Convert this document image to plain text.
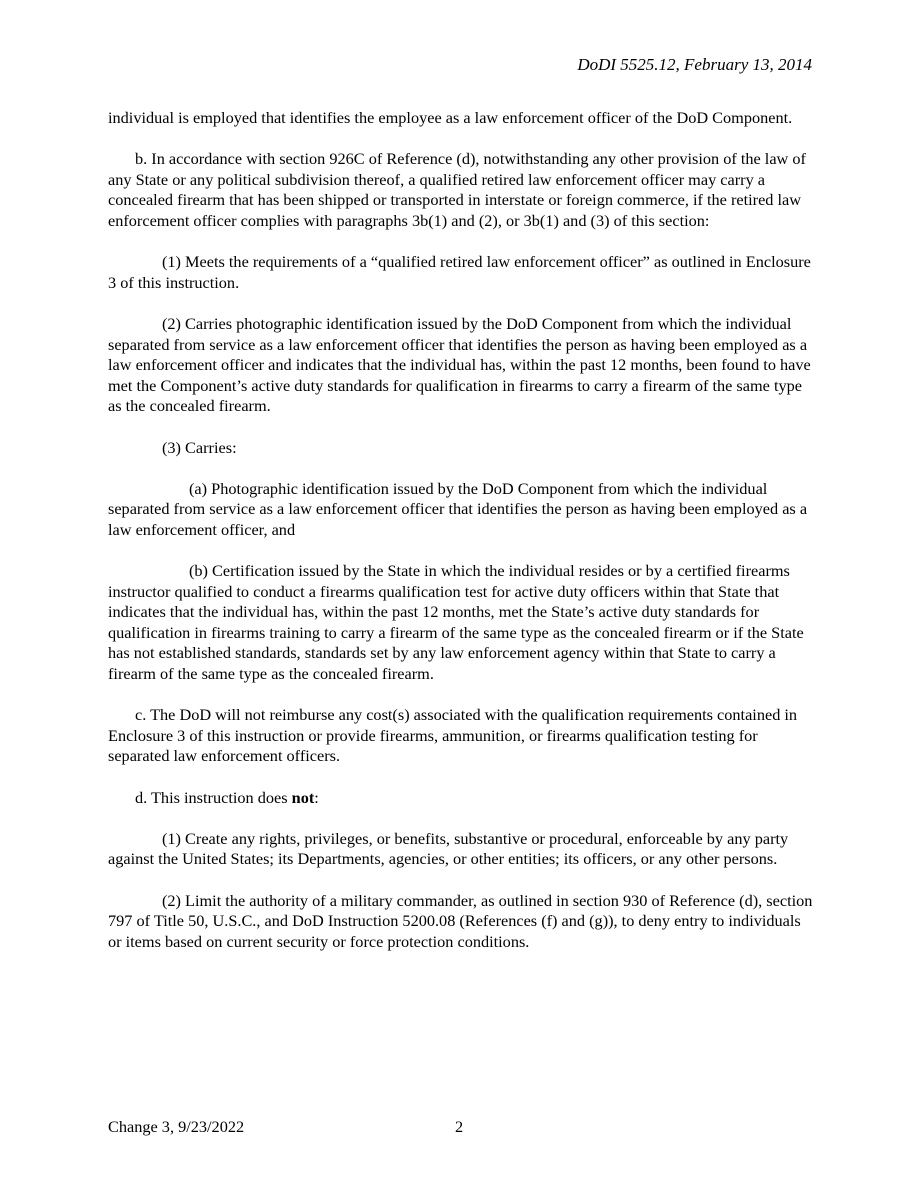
DoDI 5525.12, February 13, 2014

individual is employed that identifies the employee as a law enforcement officer of the DoD Component.

b. In accordance with section 926C of Reference (d), notwithstanding any other provision of the law of any State or any political subdivision thereof, a qualified retired law enforcement officer may carry a concealed firearm that has been shipped or transported in interstate or foreign commerce, if the retired law enforcement officer complies with paragraphs 3b(1) and (2), or 3b(1) and (3) of this section:

(1) Meets the requirements of a “qualified retired law enforcement officer” as outlined in Enclosure 3 of this instruction.

(2) Carries photographic identification issued by the DoD Component from which the individual separated from service as a law enforcement officer that identifies the person as having been employed as a law enforcement officer and indicates that the individual has, within the past 12 months, been found to have met the Component’s active duty standards for qualification in firearms to carry a firearm of the same type as the concealed firearm.

(3) Carries:

(a) Photographic identification issued by the DoD Component from which the individual separated from service as a law enforcement officer that identifies the person as having been employed as a law enforcement officer, and

(b) Certification issued by the State in which the individual resides or by a certified firearms instructor qualified to conduct a firearms qualification test for active duty officers within that State that indicates that the individual has, within the past 12 months, met the State’s active duty standards for qualification in firearms training to carry a firearm of the same type as the concealed firearm or if the State has not established standards, standards set by any law enforcement agency within that State to carry a firearm of the same type as the concealed firearm.

c. The DoD will not reimburse any cost(s) associated with the qualification requirements contained in Enclosure 3 of this instruction or provide firearms, ammunition, or firearms qualification testing for separated law enforcement officers.

d. This instruction does not:

(1) Create any rights, privileges, or benefits, substantive or procedural, enforceable by any party against the United States; its Departments, agencies, or other entities; its officers, or any other persons.

(2) Limit the authority of a military commander, as outlined in section 930 of Reference (d), section 797 of Title 50, U.S.C., and DoD Instruction 5200.08 (References (f) and (g)), to deny entry to individuals or items based on current security or force protection conditions.

Change 3, 9/23/2022	2
